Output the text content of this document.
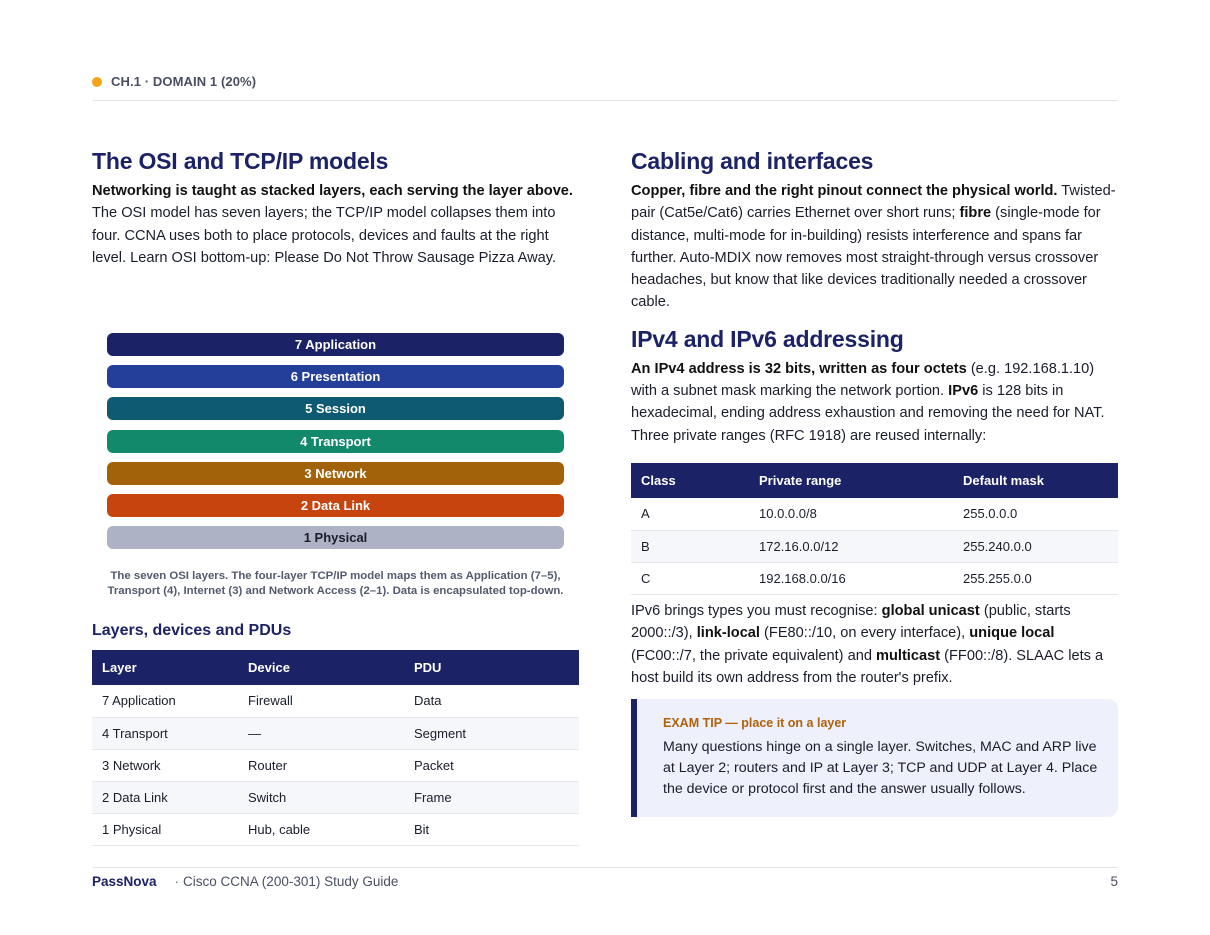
CH.1 · DOMAIN 1 (20%)
The OSI and TCP/IP models

Networking is taught as stacked layers, each serving the layer above. The OSI model has seven layers; the TCP/IP model collapses them into four. CCNA uses both to place protocols, devices and faults at the right level. Learn OSI bottom-up: Please Do Not Throw Sausage Pizza Away.

7 Application
6 Presentation
5 Session
4 Transport
3 Network
2 Data Link
1 Physical
The seven OSI layers. The four-layer TCP/IP model maps them as Application (7–5),
Transport (4), Internet (3) and Network Access (2–1). Data is encapsulated top-down.
Layers, devices and PDUs
Layer	Device	PDU
7 Application	Firewall	Data
4 Transport	—	Segment
3 Network	Router	Packet
2 Data Link	Switch	Frame
1 Physical	Hub, cable	Bit
Cabling and interfaces

Copper, fibre and the right pinout connect the physical world. Twisted-pair (Cat5e/Cat6) carries Ethernet over short runs; fibre (single-mode for distance, multi-mode for in-building) resists interference and spans far further. Auto-MDIX now removes most straight-through versus crossover headaches, but know that like devices traditionally needed a crossover cable.

IPv4 and IPv6 addressing

An IPv4 address is 32 bits, written as four octets (e.g. 192.168.1.10) with a subnet mask marking the network portion. IPv6 is 128 bits in hexadecimal, ending address exhaustion and removing the need for NAT. Three private ranges (RFC 1918) are reused internally:

Class	Private range	Default mask
A	10.0.0.0/8	255.0.0.0
B	172.16.0.0/12	255.240.0.0
C	192.168.0.0/16	255.255.0.0

IPv6 brings types you must recognise: global unicast (public, starts 2000::/3), link-local (FE80::/10, on every interface), unique local (FC00::/7, the private equivalent) and multicast (FF00::/8). SLAAC lets a host build its own address from the router's prefix.

EXAM TIP — place it on a layer
Many questions hinge on a single layer. Switches, MAC and ARP live at Layer 2; routers and IP at Layer 3; TCP and UDP at Layer 4. Place the device or protocol first and the answer usually follows.
PassNova · Cisco CCNA (200-301) Study Guide	5
